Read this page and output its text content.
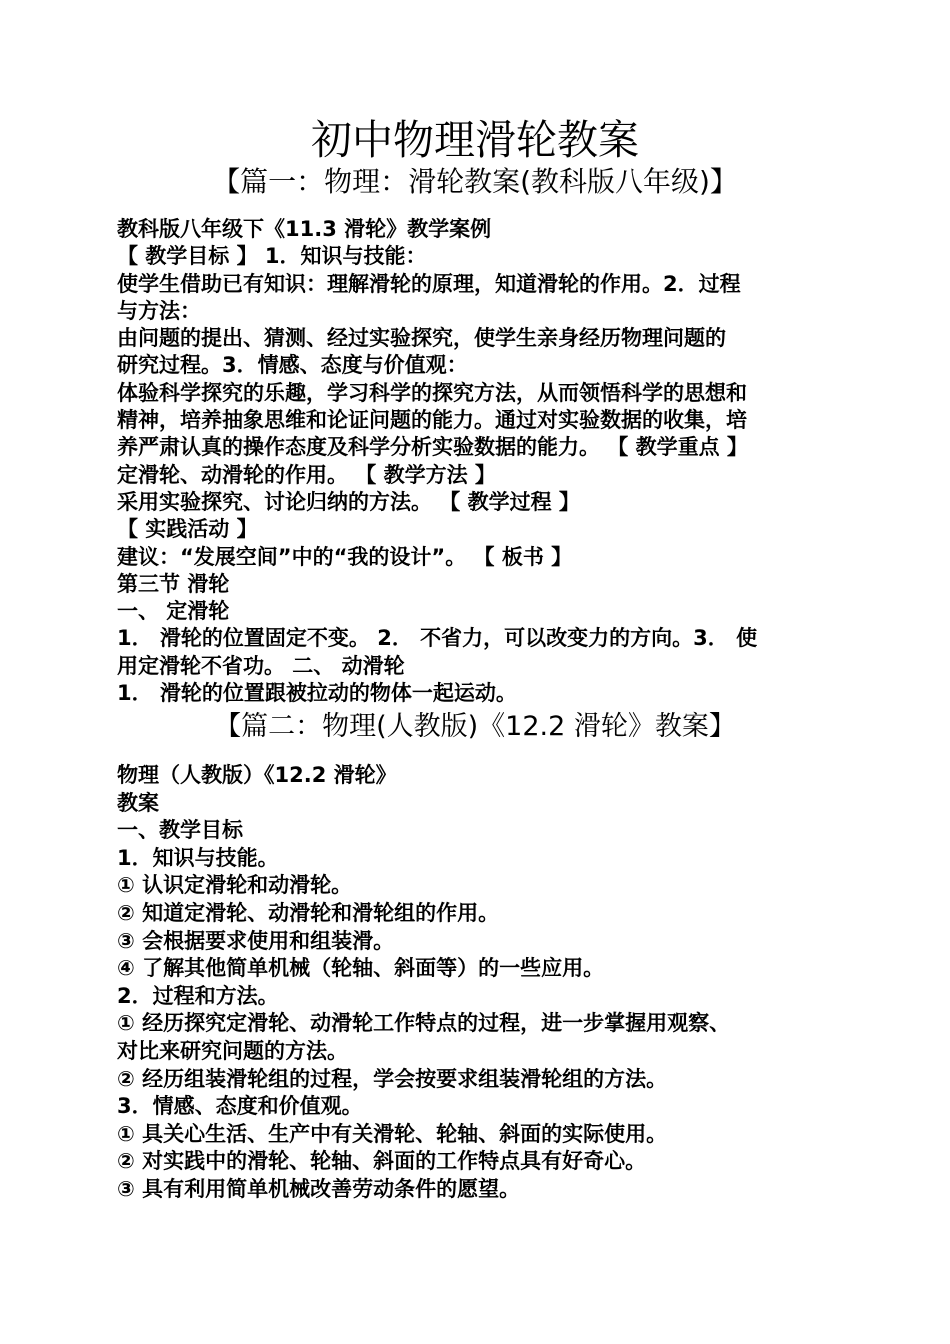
初中物理滑轮教案
【篇一：物理：滑轮教案(教科版八年级)】
教科版八年级下《11.3 滑轮》教学案例
【 教学目标 】 1．知识与技能：
使学生借助已有知识：理解滑轮的原理，知道滑轮的作用。2．过程
与方法：
由问题的提出、猜测、经过实验探究，使学生亲身经历物理问题的
研究过程。3．情感、态度与价值观：
体验科学探究的乐趣，学习科学的探究方法，从而领悟科学的思想和
精神，培养抽象思维和论证问题的能力。通过对实验数据的收集，培
养严肃认真的操作态度及科学分析实验数据的能力。 【 教学重点 】
定滑轮、动滑轮的作用。 【 教学方法 】
采用实验探究、讨论归纳的方法。 【 教学过程 】
【 实践活动 】
建议：“发展空间”中的“我的设计”。 【 板书 】
第三节 滑轮
一、 定滑轮
1． 滑轮的位置固定不变。 2． 不省力，可以改变力的方向。3． 使
用定滑轮不省功。 二、 动滑轮
1． 滑轮的位置跟被拉动的物体一起运动。
【篇二：物理(人教版)《12.2 滑轮》教案】
物理（人教版）《12.2 滑轮》
教案
一、教学目标
1．知识与技能。
① 认识定滑轮和动滑轮。
② 知道定滑轮、动滑轮和滑轮组的作用。
③ 会根据要求使用和组装滑。
④ 了解其他简单机械（轮轴、斜面等）的一些应用。
2．过程和方法。
① 经历探究定滑轮、动滑轮工作特点的过程，进一步掌握用观察、
对比来研究问题的方法。
② 经历组装滑轮组的过程，学会按要求组装滑轮组的方法。
3．情感、态度和价值观。
① 具关心生活、生产中有关滑轮、轮轴、斜面的实际使用。
② 对实践中的滑轮、轮轴、斜面的工作特点具有好奇心。
③ 具有利用简单机械改善劳动条件的愿望。
